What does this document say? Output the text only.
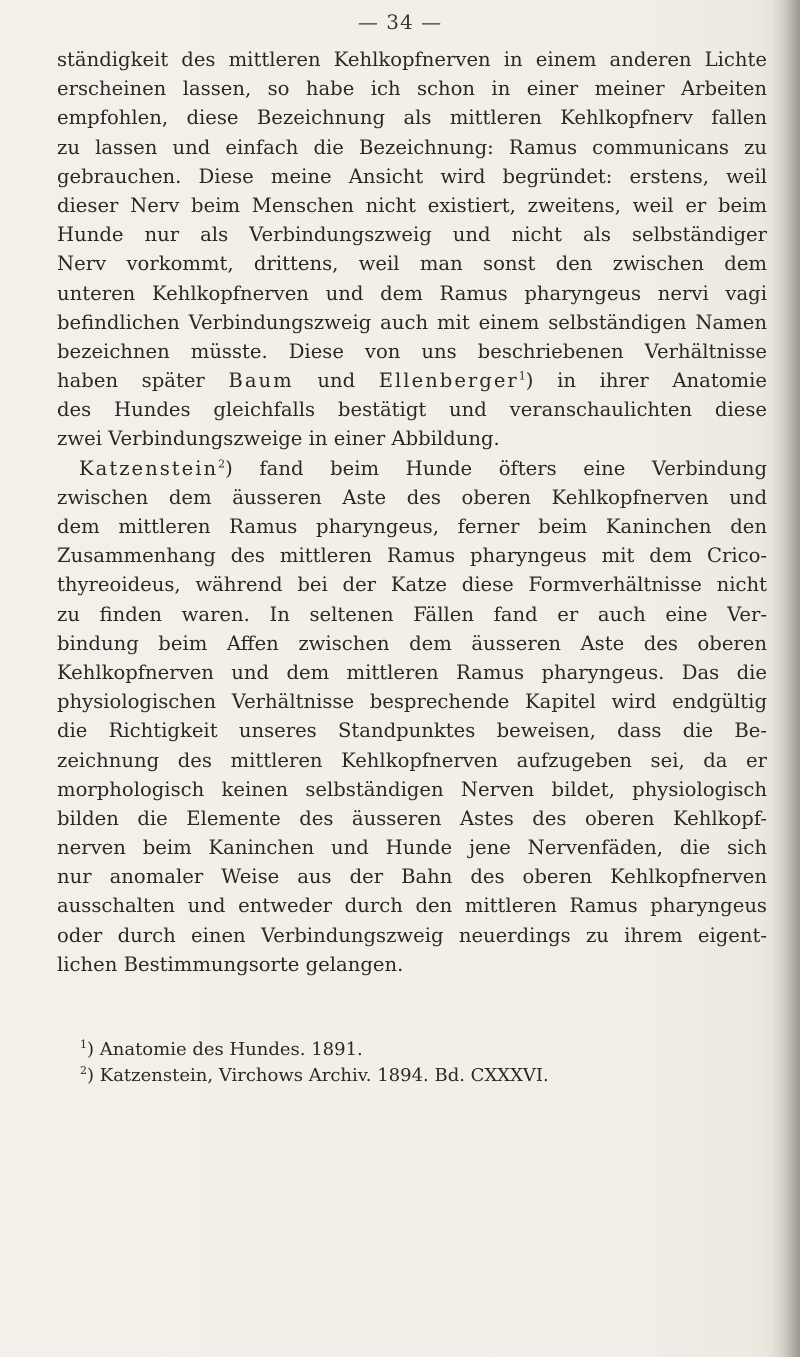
— 34 —
ständigkeit des mittleren Kehlkopfnerven in einem anderen Lichte
erscheinen lassen, so habe ich schon in einer meiner Arbeiten
empfohlen, diese Bezeichnung als mittleren Kehlkopfnerv fallen
zu lassen und einfach die Bezeichnung: Ramus communicans zu
gebrauchen. Diese meine Ansicht wird begründet: erstens, weil
dieser Nerv beim Menschen nicht existiert, zweitens, weil er beim
Hunde nur als Verbindungszweig und nicht als selbständiger
Nerv vorkommt, drittens, weil man sonst den zwischen dem
unteren Kehlkopfnerven und dem Ramus pharyngeus nervi vagi
befindlichen Verbindungszweig auch mit einem selbständigen Namen
bezeichnen müsste. Diese von uns beschriebenen Verhältnisse
haben später Baum und Ellenberger$^1$) in ihrer Anatomie
des Hundes gleichfalls bestätigt und veranschaulichten diese
zwei Verbindungszweige in einer Abbildung.
Katzenstein$^2$) fand beim Hunde öfters eine Verbindung
zwischen dem äusseren Aste des oberen Kehlkopfnerven und
dem mittleren Ramus pharyngeus, ferner beim Kaninchen den
Zusammenhang des mittleren Ramus pharyngeus mit dem Crico-
thyreoideus, während bei der Katze diese Formverhältnisse nicht
zu finden waren. In seltenen Fällen fand er auch eine Ver-
bindung beim Affen zwischen dem äusseren Aste des oberen
Kehlkopfnerven und dem mittleren Ramus pharyngeus. Das die
physiologischen Verhältnisse besprechende Kapitel wird endgültig
die Richtigkeit unseres Standpunktes beweisen, dass die Be-
zeichnung des mittleren Kehlkopfnerven aufzugeben sei, da er
morphologisch keinen selbständigen Nerven bildet, physiologisch
bilden die Elemente des äusseren Astes des oberen Kehlkopf-
nerven beim Kaninchen und Hunde jene Nervenfäden, die sich
nur anomaler Weise aus der Bahn des oberen Kehlkopfnerven
ausschalten und entweder durch den mittleren Ramus pharyngeus
oder durch einen Verbindungszweig neuerdings zu ihrem eigent-
lichen Bestimmungsorte gelangen.
$^1$) Anatomie des Hundes. 1891.
$^2$) Katzenstein, Virchows Archiv. 1894. Bd. CXXXVI.
